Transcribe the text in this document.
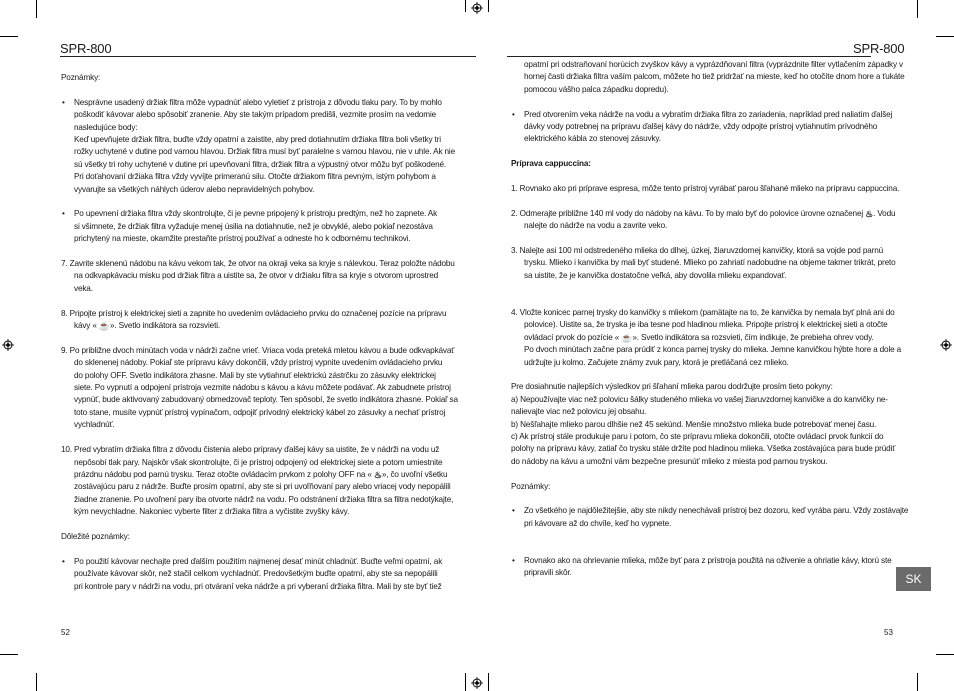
SPR-800

Poznámky:

• Nesprávne usadený držiak filtra môže vypadnúť alebo vyletieť z prístroja z dôvodu tlaku pary. To by mohlo

poškodiť kávovar alebo spôsobiť zranenie. Aby ste takým prípadom predišli, vezmite prosím na vedomie

nasledujúce body:

Keď upevňujete držiak filtra, buďte vždy opatrní a zaistite, aby pred dotiahnutím držiaka filtra boli všetky tri

rožky uchytené v dutine pod varnou hlavou. Držiak filtra musí byť paralelne s varnou hlavou, nie v uhle. Ak nie

sú všetky tri rohy uchytené v dutine pri upevňovaní filtra, držiak filtra a výpustný otvor môžu byť poškodené.

Pri doťahovaní držiaka filtra vždy vyvíjte primeranú silu. Otočte držiakom filtra pevným, istým pohybom a

vyvarujte sa všetkých náhlych úderov alebo nepravidelných pohybov.

• Po upevnení držiaka filtra vždy skontrolujte, či je pevne pripojený k prístroju predtým, než ho zapnete. Ak

si všimnete, že držiak filtra vyžaduje menej úsilia na dotiahnutie, než je obvyklé, alebo pokiaľ nezostáva

prichytený na mieste, okamžite prestaňte prístroj používať a odneste ho k odbornému technikovi.

7. Zavrite sklenenú nádobu na kávu vekom tak, že otvor na okraji veka sa kryje s nálevkou. Teraz položte nádobu

na odkvapkávaciu misku pod držiak filtra a uistite sa, že otvor v držiaku filtra sa kryje s otvorom uprostred

veka.

8. Pripojte prístroj k elektrickej sieti a zapnite ho uvedením ovládacieho prvku do označenej pozície na prípravu

kávy « ☕». Svetlo indikátora sa rozsvieti.

9. Po približne dvoch minútach voda v nádrži začne vrieť. Vriaca voda preteká mletou kávou a bude odkvapkávať

do sklenenej nádoby. Pokiaľ ste prípravu kávy dokončili, vždy prístroj vypnite uvedením ovládacieho prvku

do polohy OFF. Svetlo indikátora zhasne. Mali by ste vytiahnuť elektrickú zástrčku zo zásuvky elektrickej

siete. Po vypnutí a odpojení prístroja vezmite nádobu s kávou a kávu môžete podávať. Ak zabudnete prístroj

vypnúť, bude aktivovaný zabudovaný obmedzovač teploty. Ten spôsobí, že svetlo indikátora zhasne. Pokiaľ sa

toto stane, musíte vypnúť prístroj vypínačom, odpojiť prívodný elektrický kábel zo zásuvky a nechať prístroj

vychladnúť.

10. Pred vybratím držiaka filtra z dôvodu čistenia alebo prípravy ďalšej kávy sa uistite, že v nádrži na vodu už

nepôsobí tlak pary. Najskôr však skontrolujte, či je prístroj odpojený od elektrickej siete a potom umiestnite

prázdnu nádobu pod parnú trysku. Teraz otočte ovládacím prvkom z polohy OFF na « ♨», čo uvoľní všetku

zostávajúcu paru z nádrže. Buďte prosím opatrní, aby ste si pri uvoľňovaní pary alebo vriacej vody nepopálili

žiadne zranenie. Po uvoľnení pary iba otvorte nádrž na vodu. Po odstránení držiaka filtra sa filtra nedotýkajte,

kým nevychladne. Nakoniec vyberte filter z držiaka filtra a vyčistite zvyšky kávy.

Dôležité poznámky:

• Po použití kávovar nechajte pred ďalším použitím najmenej desať minút chladnúť. Buďte veľmi opatrní, ak

používate kávovar skôr, než stačil celkom vychladnúť. Predovšetkým buďte opatrní, aby ste sa nepopálili

pri kontrole pary v nádrži na vodu, pri otváraní veka nádrže a pri vyberaní držiaka filtra. Mali by ste byť tiež

52
SPR-800

opatrní pri odstraňovaní horúcich zvyškov kávy a vyprázdňovaní filtra (vyprázdnite filter vytlačením západky v

hornej časti držiaka filtra vaším palcom, môžete ho tiež pridržať na mieste, keď ho otočíte dnom hore a ťukáte

pomocou vášho palca západku dopredu).

• Pred otvorením veka nádrže na vodu a vybratím držiaka filtra zo zariadenia, napríklad pred naliatím ďalšej

dávky vody potrebnej na prípravu ďalšej kávy do nádrže, vždy odpojte prístroj vytiahnutím prívodného

elektrického kábla zo stenovej zásuvky.

Príprava cappuccina:

1. Rovnako ako pri príprave espresa, môže tento prístroj vyrábať parou šľahané mlieko na prípravu cappuccina.

2. Odmerajte približne 140 ml vody do nádoby na kávu. To by malo byť do polovice úrovne označenej ♨. Vodu

nalejte do nádrže na vodu a zavrite veko.

3. Nalejte asi 100 ml odstredeného mlieka do dlhej, úzkej, žiaruvzdornej kanvičky, ktorá sa vojde pod parnú

trysku. Mlieko i kanvička by mali byť studené. Mlieko po zahriatí nadobudne na objeme takmer trikrát, preto

sa uistite, že je kanvička dostatočne veľká, aby dovolila mlieku expandovať.

4. Vložte konicec parnej trysky do kanvičky s mliekom (pamätajte na to, že kanvička by nemala byť plná ani do

polovice). Uistite sa, že tryska je iba tesne pod hladinou mlieka. Pripojte prístroj k elektrickej sieti a otočte

ovládací prvok do pozície « ☕». Svetlo indikátora sa rozsvieti, čím indikuje, že prebieha ohrev vody.

Po dvoch minútach začne para prúdiť z konca parnej trysky do mlieka. Jemne kanvičkou hýbte hore a dole a

udržujte ju kolmo. Začujete známy zvuk pary, ktorá je pretláčaná cez mlieko.

Pre dosiahnutie najlepších výsledkov pri šľahaní mlieka parou dodržujte prosím tieto pokyny:

a) Nepoužívajte viac než polovicu šálky studeného mlieka vo vašej žiaruvzdornej kanvičke a do kanvičky ne-

nalievajte viac než polovicu jej obsahu.

b) Nešľahajte mlieko parou dlhšie než 45 sekúnd. Menšie množstvo mlieka bude potrebovať menej času.

c) Ak prístroj stále produkuje paru i potom, čo ste prípravu mlieka dokončili, otočte ovládací prvok funkcií do

polohy na prípravu kávy, zatiaľ čo trysku stále držíte pod hladinou mlieka. Všetka zostávajúca para bude prúdiť

do nádoby na kávu a umožní vám bezpečne presunúť mlieko z miesta pod parnou tryskou.

Poznámky:

• Zo všetkého je najdôležitejšie, aby ste nikdy nenechávali prístroj bez dozoru, keď vyrába paru. Vždy zostávajte

pri kávovare až do chvíle, keď ho vypnete.

• Rovnako ako na ohrievanie mlieka, môže byť para z prístroja použitá na oživenie a ohriatie kávy, ktorú ste

pripravili skôr.	SK
53
